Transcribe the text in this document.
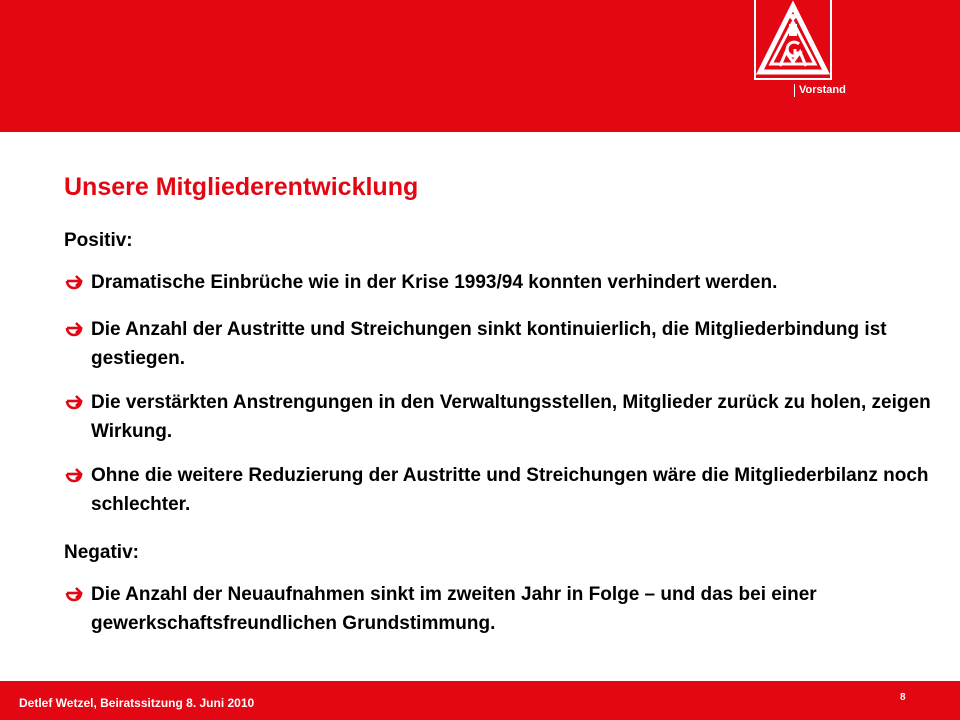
Vorstand
Unsere Mitgliederentwicklung

Positiv:

Dramatische Einbrüche wie in der Krise 1993/94 konnten verhindert werden.
Die Anzahl der Austritte und Streichungen sinkt kontinuierlich, die Mitgliederbindung ist gestiegen.
Die verstärkten Anstrengungen in den Verwaltungsstellen, Mitglieder zurück zu holen, zeigen Wirkung.
Ohne die weitere Reduzierung der Austritte und Streichungen wäre die Mitgliederbilanz noch schlechter.

Negativ:

Die Anzahl der Neuaufnahmen sinkt im zweiten Jahr in Folge – und das bei einer gewerkschaftsfreundlichen Grundstimmung.
Detlef Wetzel, Beiratssitzung 8. Juni 2010	8
